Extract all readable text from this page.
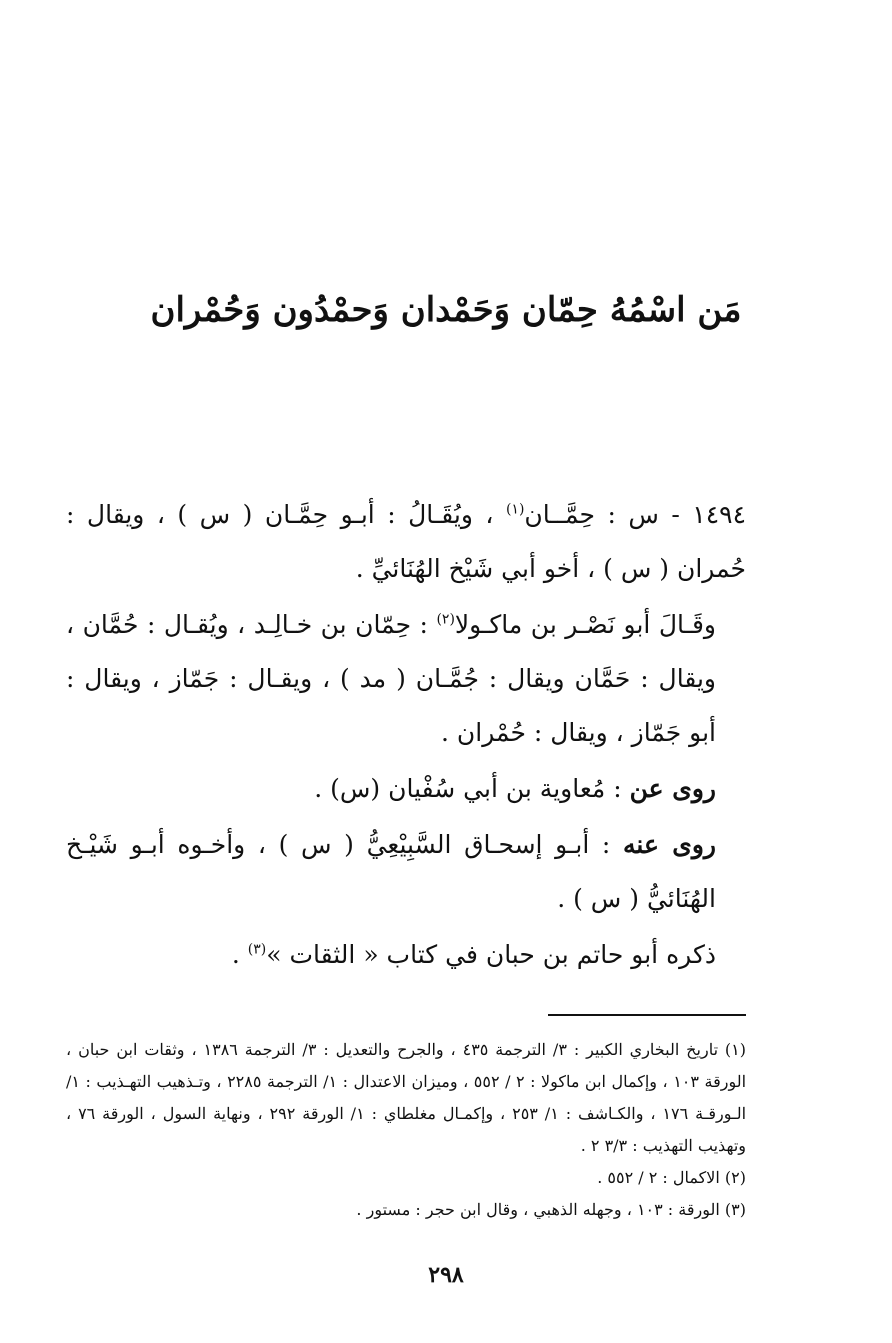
مَن اسْمُهُ حِمّان وَحَمْدان وَحمْدُون وَحُمْران

١٤٩٤ - س : حِمَّــان$^{(١)}$ ، ويُقَـالُ : أبـو حِمَّـان ( س ) ، ويقال : حُمران ( س ) ، أخو أبي شَيْخ الهُنَائيِّ .

وقَـالَ أبو نَصْـر بن ماكـولا$^{(٢)}$ : حِمّان بن خـالِـد ، ويُقـال : حُمَّان ، ويقال : حَمَّان ويقال : جُمَّـان ( مد ) ، ويقـال : جَمّاز ، ويقال : أبو جَمّاز ، ويقال : حُمْران .

روى عن : مُعاوية بن أبي سُفْيان (س) .

روى عنه : أبـو إسحـاق السَّبِيْعِيُّ ( س ) ، وأخـوه أبـو شَيْـخ الهُنَائيُّ ( س ) .

ذكره أبو حاتم بن حبان في كتاب « الثقات »$^{(٣)}$ .

(١) تاريخ البخاري الكبير : ٣/ الترجمة ٤٣٥ ، والجرح والتعديل : ٣/ الترجمة ١٣٨٦ ، وثقات ابن حبان ، الورقة ١٠٣ ، وإكمال ابن ماكولا : ٢ / ٥٥٢ ، وميزان الاعتدال : ١/ الترجمة ٢٢٨٥ ، وتـذهيب التهـذيب : ١/ الـورقـة ١٧٦ ، والكـاشف : ١/ ٢٥٣ ، وإكمـال مغلطاي : ١/ الورقة ٢٩٢ ، ونهاية السول ، الورقة ٧٦ ، وتهذيب التهذيب : ٣/٣ ٢ .

(٢) الاكمال : ٢ / ٥٥٢ .

(٣) الورقة : ١٠٣ ، وجهله الذهبي ، وقال ابن حجر : مستور .

٢٩٨
